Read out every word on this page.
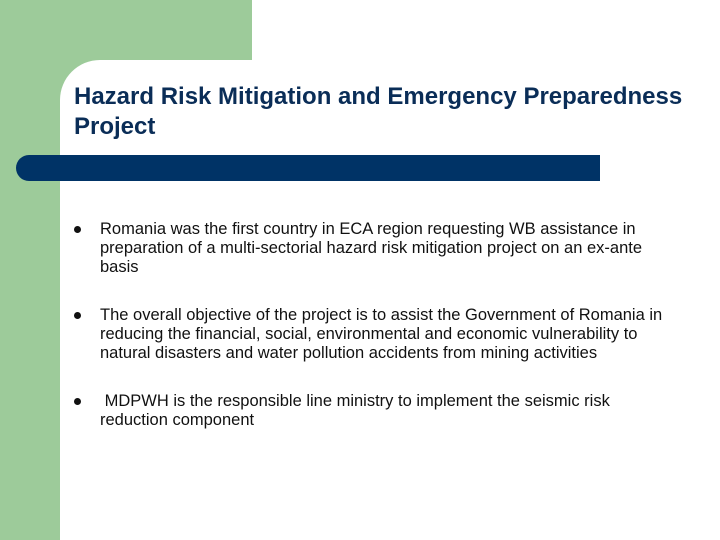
Hazard Risk Mitigation and Emergency Preparedness Project
Romania was the first country in ECA region requesting WB assistance in preparation of a multi-sectorial hazard risk mitigation project on an ex-ante basis
The overall objective of the project is to assist the Government of Romania in reducing the financial, social, environmental and economic vulnerability to natural disasters and water pollution accidents from mining activities
MDPWH is the responsible line ministry to implement the seismic risk reduction component
